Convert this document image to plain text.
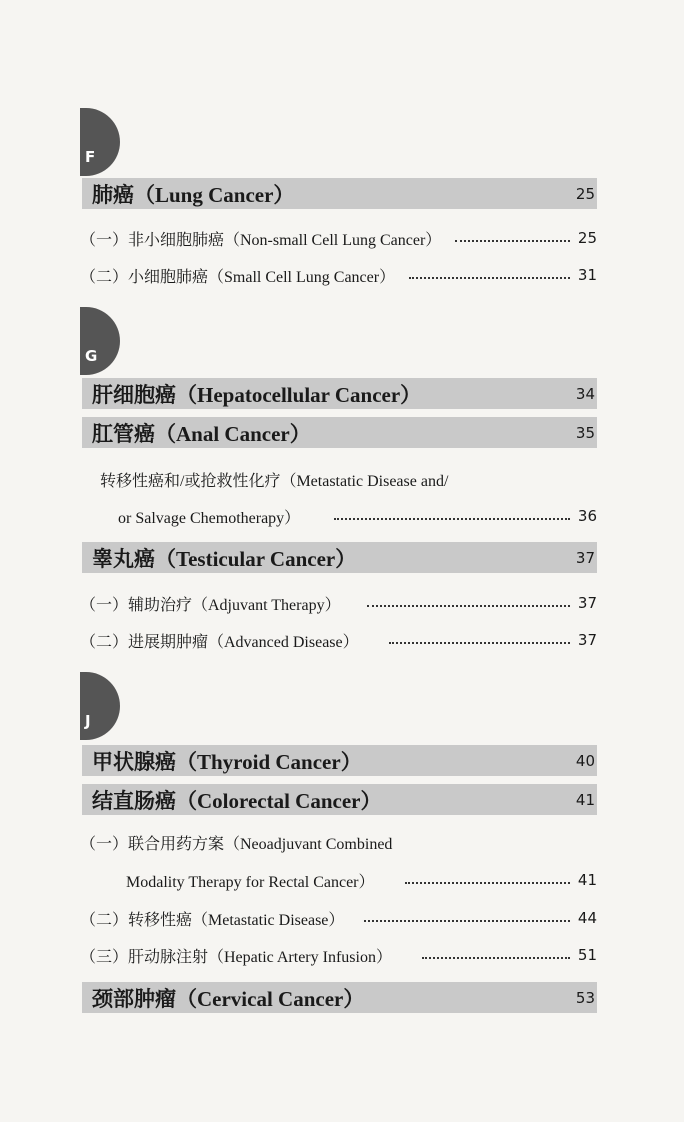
F
肺癌（Lung Cancer）	25
（一）非小细胞肺癌（Non-small Cell Lung Cancer）	25
（二）小细胞肺癌（Small Cell Lung Cancer）	31
G
肝细胞癌（Hepatocellular Cancer）	34
肛管癌（Anal Cancer）	35
转移性癌和/或抢救性化疗（Metastatic Disease and/
or Salvage Chemotherapy）	36
睾丸癌（Testicular Cancer）	37
（一）辅助治疗（Adjuvant Therapy）	37
（二）进展期肿瘤（Advanced Disease）	37
J
甲状腺癌（Thyroid Cancer）	40
结直肠癌（Colorectal Cancer）	41
（一）联合用药方案（Neoadjuvant Combined
Modality Therapy for Rectal Cancer）	41
（二）转移性癌（Metastatic Disease）	44
（三）肝动脉注射（Hepatic Artery Infusion）	51
颈部肿瘤（Cervical Cancer）	53
